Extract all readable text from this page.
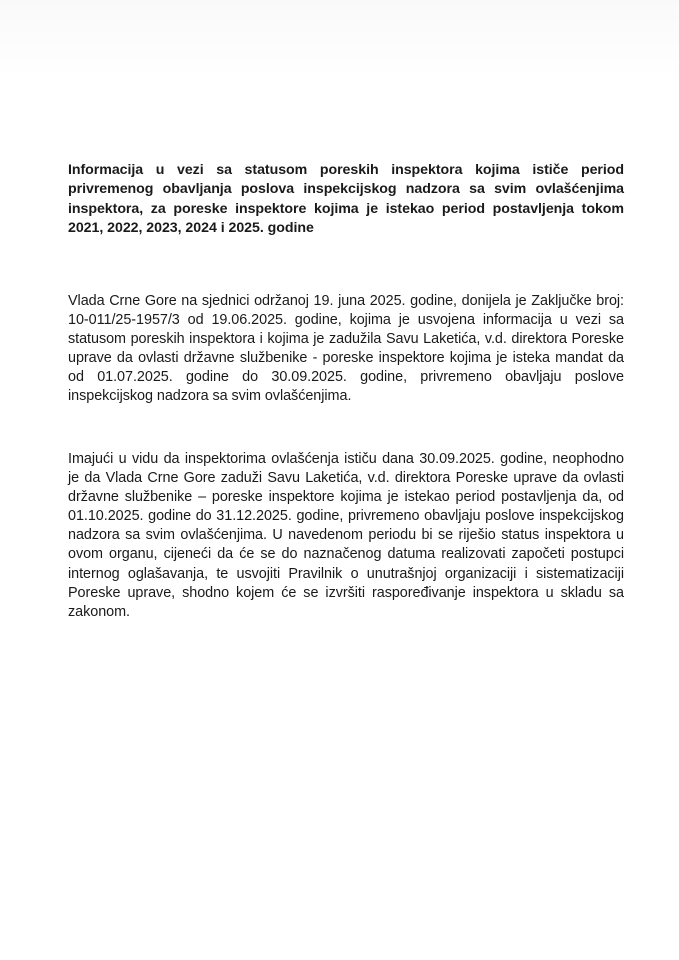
Informacija u vezi sa statusom poreskih inspektora kojima ističe period privremenog obavljanja poslova inspekcijskog nadzora sa svim ovlašćenjima inspektora, za poreske inspektore kojima je istekao period postavljenja tokom 2021, 2022, 2023, 2024 i 2025. godine

Vlada Crne Gore na sjednici održanoj 19. juna 2025. godine, donijela je Zaključke broj: 10-011/25-1957/3 od 19.06.2025. godine, kojima je usvojena informacija u vezi sa statusom poreskih inspektora i kojima je zadužila Savu Laketića, v.d. direktora Poreske uprave da ovlasti državne službenike - poreske inspektore kojima je isteka mandat da od 01.07.2025. godine do 30.09.2025. godine, privremeno obavljaju poslove inspekcijskog nadzora sa svim ovlašćenjima.

Imajući u vidu da inspektorima ovlašćenja ističu dana 30.09.2025. godine, neophodno je da Vlada Crne Gore zaduži Savu Laketića, v.d. direktora Poreske uprave da ovlasti državne službenike – poreske inspektore kojima je istekao period postavljenja da, od 01.10.2025. godine do 31.12.2025. godine, privremeno obavljaju poslove inspekcijskog nadzora sa svim ovlašćenjima. U navedenom periodu bi se riješio status inspektora u ovom organu, cijeneći da će se do naznačenog datuma realizovati započeti postupci internog oglašavanja, te usvojiti Pravilnik o unutrašnjoj organizaciji i sistematizaciji Poreske uprave, shodno kojem će se izvršiti raspoređivanje inspektora u skladu sa zakonom.
